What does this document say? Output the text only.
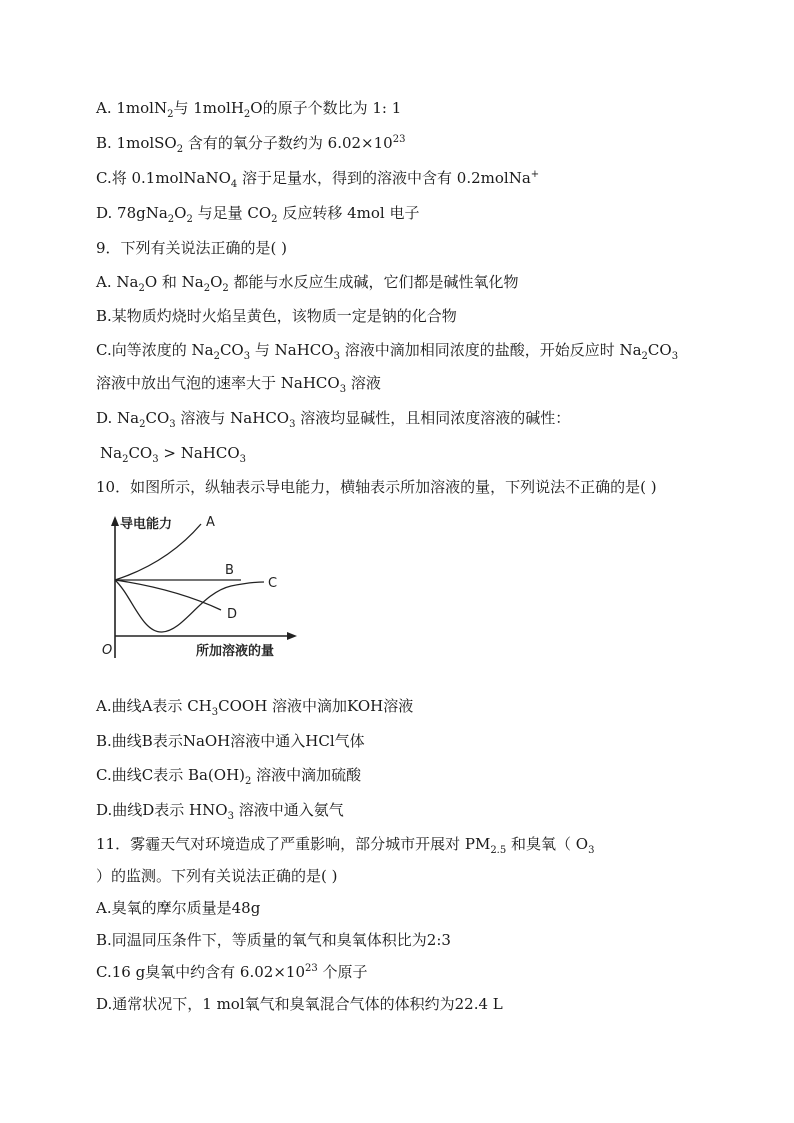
A. 1molN$_2$与 1molH$_2$O的原子个数比为 1: 1
B. 1molSO$_2$ 含有的氧分子数约为 $6.02\times 10^{23}$
C.将 0.1molNaNO$_4$ 溶于足量水，得到的溶液中含有 0.2molNa+
D. $78gNa_2O_2$ 与足量 $CO_2$ 反应转移 4mol 电子
9．下列有关说法正确的是( )
A. $Na_2O$ 和 $Na_2O_2$ 都能与水反应生成碱，它们都是碱性氧化物
B.某物质灼烧时火焰呈黄色，该物质一定是钠的化合物
C.向等浓度的 $Na_2CO_3$ 与 NaHCO$_3$ 溶液中滴加相同浓度的盐酸，开始反应时 $Na_2CO_3$
溶液中放出气泡的速率大于 NaHCO$_3$ 溶液
D. $Na_2CO_3$ 溶液与 NaHCO$_3$ 溶液均显碱性，且相同浓度溶液的碱性：
$Na_2CO_3$ > NaHCO$_3$
10．如图所示，纵轴表示导电能力，横轴表示所加溶液的量，下列说法不正确的是( )
导电能力
所加溶液的量
O
A
B
C
D
A.曲线A表示 $CH_3COOH$ 溶液中滴加KOH溶液
B.曲线B表示NaOH溶液中通入HCl气体
C.曲线C表示 $Ba(OH)_2$ 溶液中滴加硫酸
D.曲线D表示 $HNO_3$ 溶液中通入氨气
11．雾霾天气对环境造成了严重影响，部分城市开展对 $PM_{2.5}$ 和臭氧（ $O_3$
）的监测。下列有关说法正确的是( )
A.臭氧的摩尔质量是48g
B.同温同压条件下，等质量的氧气和臭氧体积比为2:3
C.16 g臭氧中约含有 $6.02\times 10^{23}$ 个原子
D.通常状况下，1 mol氧气和臭氧混合气体的体积约为22.4 L
